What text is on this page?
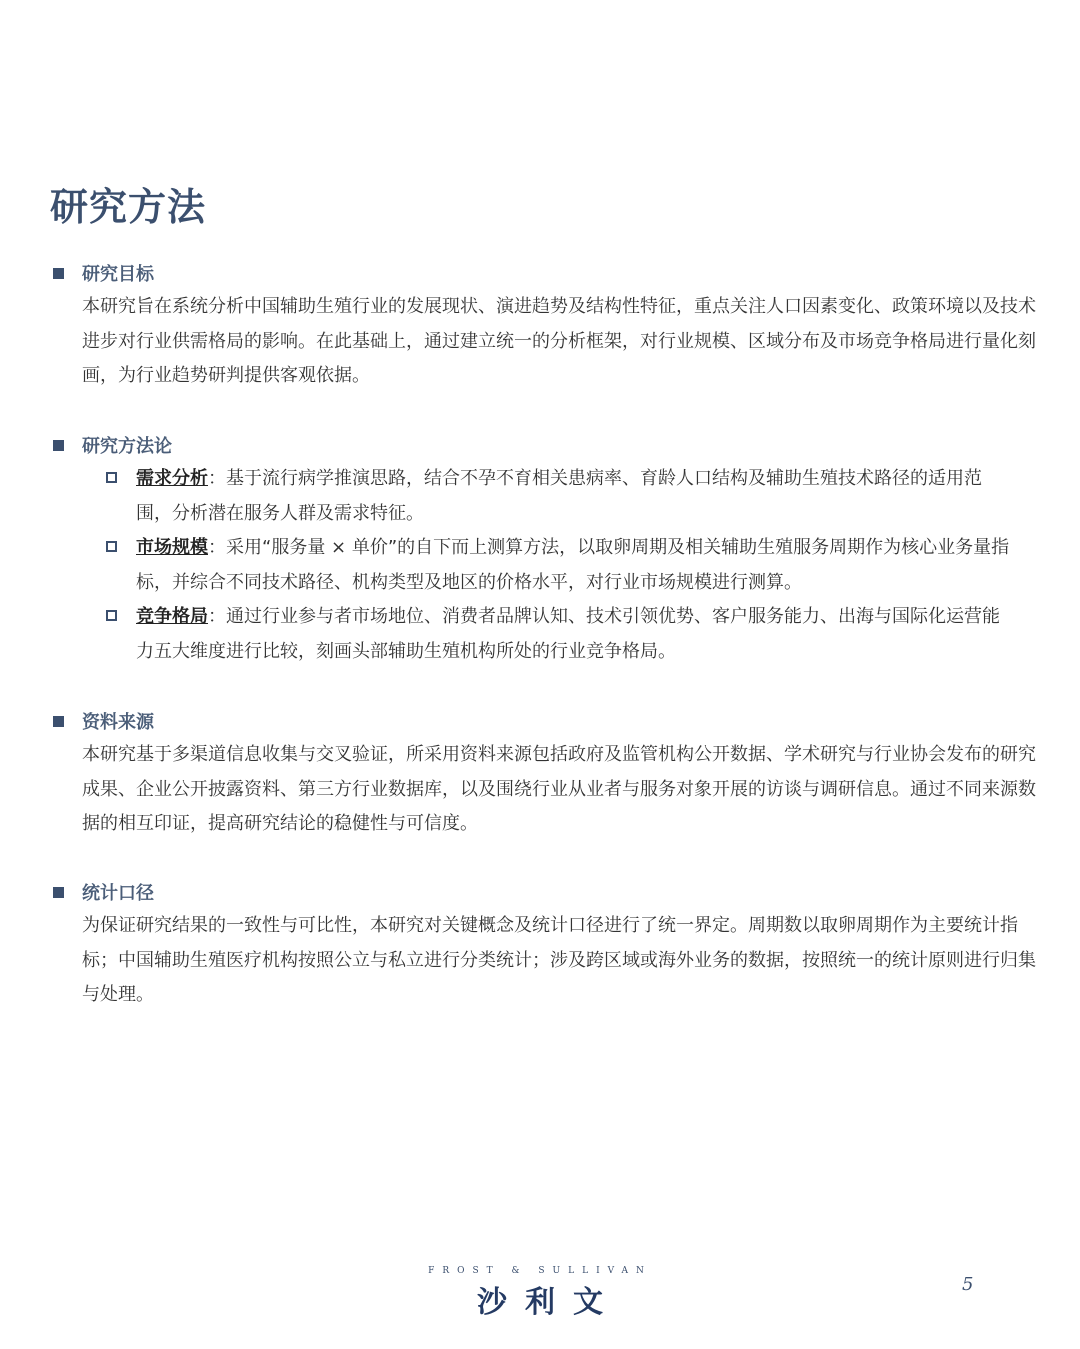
研究方法
研究目标

本研究旨在系统分析中国辅助生殖行业的发展现状、演进趋势及结构性特征，重点关注人口因素变化、政策环境以及技术进步对行业供需格局的影响。在此基础上，通过建立统一的分析框架，对行业规模、区域分布及市场竞争格局进行量化刻画，为行业趋势研判提供客观依据。

研究方法论
需求分析：基于流行病学推演思路，结合不孕不育相关患病率、育龄人口结构及辅助生殖技术路径的适用范围，分析潜在服务人群及需求特征。
市场规模：采用“服务量 × 单价”的自下而上测算方法，以取卵周期及相关辅助生殖服务周期作为核心业务量指标，并综合不同技术路径、机构类型及地区的价格水平，对行业市场规模进行测算。
竞争格局：通过行业参与者市场地位、消费者品牌认知、技术引领优势、客户服务能力、出海与国际化运营能力五大维度进行比较，刻画头部辅助生殖机构所处的行业竞争格局。
资料来源

本研究基于多渠道信息收集与交叉验证，所采用资料来源包括政府及监管机构公开数据、学术研究与行业协会发布的研究成果、企业公开披露资料、第三方行业数据库，以及围绕行业从业者与服务对象开展的访谈与调研信息。通过不同来源数据的相互印证，提高研究结论的稳健性与可信度。

统计口径

为保证研究结果的一致性与可比性，本研究对关键概念及统计口径进行了统一界定。周期数以取卵周期作为主要统计指标；中国辅助生殖医疗机构按照公立与私立进行分类统计；涉及跨区域或海外业务的数据，按照统一的统计原则进行归集与处理。

FROST & SULLIVAN
沙利文
5
